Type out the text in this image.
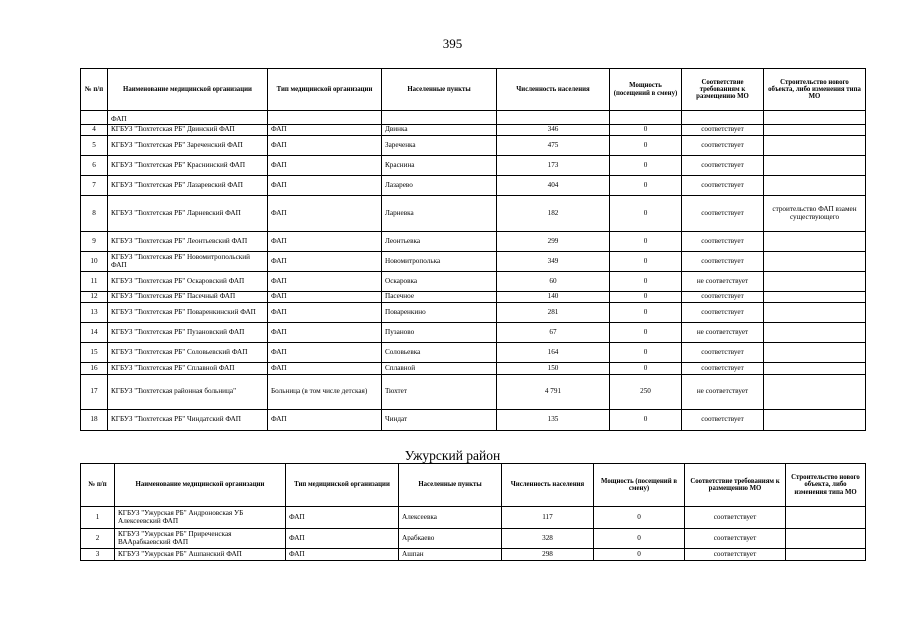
395
№ п/п	Наименование медицинской организации	Тип медицинской организации	Населенные пункты	Численность населения	Мощность (посещений в смену)	Соответствие требованиям к размещению МО	Строительство нового объекта, либо изменения типа МО
	ФАП						
4	КГБУЗ "Тюхтетская РБ" Двинский ФАП	ФАП	Двинка	346	0	соответствует	
5	КГБУЗ "Тюхтетская РБ" Зареченский ФАП	ФАП	Зареченка	475	0	соответствует	
6	КГБУЗ "Тюхтетская РБ" Краснинский ФАП	ФАП	Краснина	173	0	соответствует	
7	КГБУЗ "Тюхтетская РБ" Лазаревский ФАП	ФАП	Лазарево	404	0	соответствует	
8	КГБУЗ "Тюхтетская РБ" Ларневский ФАП	ФАП	Ларневка	182	0	соответствует	строительство ФАП взамен существующего
9	КГБУЗ "Тюхтетская РБ" Леонтьевский ФАП	ФАП	Леонтьевка	299	0	соответствует	
10	КГБУЗ "Тюхтетская РБ" Новомитропольский ФАП	ФАП	Новомитрополька	349	0	соответствует	
11	КГБУЗ "Тюхтетская РБ" Оскаровский ФАП	ФАП	Оскаровка	60	0	не соответствует	
12	КГБУЗ "Тюхтетская РБ" Пасечный ФАП	ФАП	Пасечное	140	0	соответствует	
13	КГБУЗ "Тюхтетская РБ" Поваренкинский ФАП	ФАП	Поваренкино	281	0	соответствует	
14	КГБУЗ "Тюхтетская РБ" Пузановский ФАП	ФАП	Пузаново	67	0	не соответствует	
15	КГБУЗ "Тюхтетская РБ" Соловьевский ФАП	ФАП	Соловьевка	164	0	соответствует	
16	КГБУЗ "Тюхтетская РБ" Сплавной ФАП	ФАП	Сплавной	150	0	соответствует	
17	КГБУЗ "Тюхтетская районная больница"	Больница (в том числе детская)	Тюхтет	4 791	250	не соответствует	
18	КГБУЗ "Тюхтетская РБ" Чиндатский ФАП	ФАП	Чиндат	135	0	соответствует	
Ужурский район
№ п/п	Наименование медицинской организации	Тип медицинской организации	Населенные пункты	Численность населения	Мощность (посещений в смену)	Соответствие требованиям к размещению МО	Строительство нового объекта, либо изменения типа МО
1	КГБУЗ "Ужурская РБ" Андроновская УБ Алексеевский ФАП	ФАП	Алексеевка	117	0	соответствует	
2	КГБУЗ "Ужурская РБ" Приреченская ВААрабкаевский ФАП	ФАП	Арабкаево	328	0	соответствует	
3	КГБУЗ "Ужурская РБ" Ашпанский ФАП	ФАП	Ашпан	298	0	соответствует	
